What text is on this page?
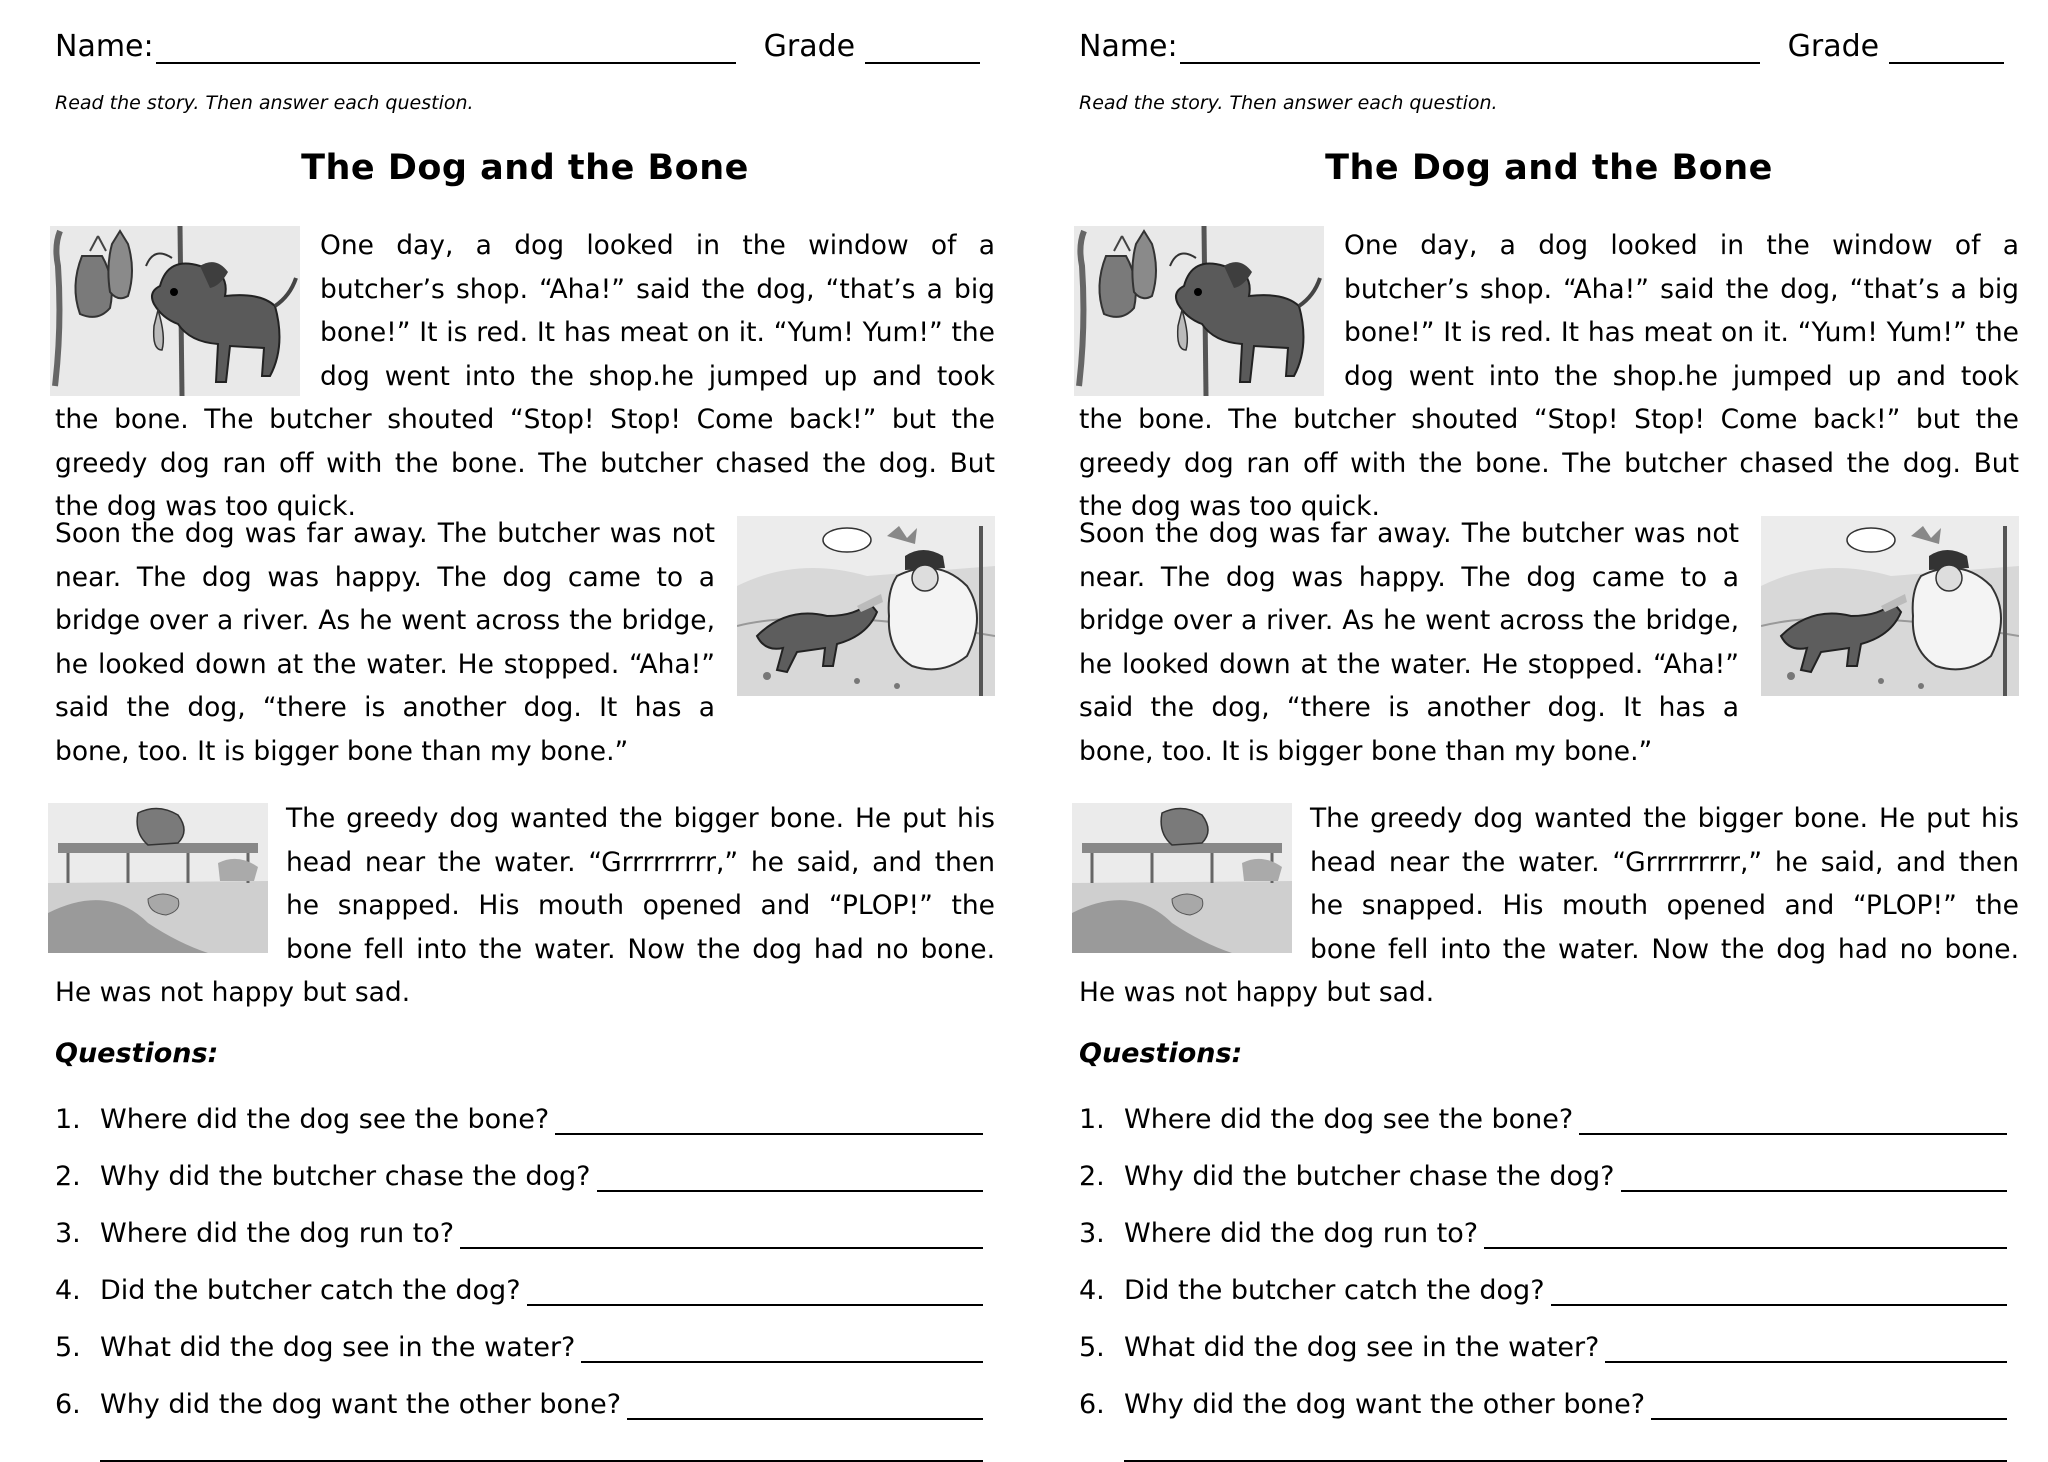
Name:	Grade
Read the story. Then answer each question.
The Dog and the Bone
One day, a dog looked in the window of a butcher’s shop. “Aha!” said the dog, “that’s a big bone!” It is red. It has meat on it. “Yum! Yum!” the dog went into the shop.he jumped up and took the bone. The butcher shouted “Stop! Stop! Come back!” but the greedy dog ran off with the bone. The butcher chased the dog. But the dog was too quick.
Soon the dog was far away. The butcher was not near. The dog was happy. The dog came to a bridge over a river. As he went across the bridge, he looked down at the water. He stopped. “Aha!” said the dog, “there is another dog. It has a bone, too. It is bigger bone than my bone.”
The greedy dog wanted the bigger bone. He put his head near the water. “Grrrrrrrrr,” he said, and then he snapped. His mouth opened and “PLOP!” the bone fell into the water. Now the dog had no bone. He was not happy but sad.
Questions:
1. Where did the dog see the bone?
2. Why did the butcher chase the dog?
3. Where did the dog run to?
4. Did the butcher catch the dog?
5. What did the dog see in the water?
6. Why did the dog want the other bone?
Name:	Grade
Read the story. Then answer each question.
The Dog and the Bone
One day, a dog looked in the window of a butcher’s shop. “Aha!” said the dog, “that’s a big bone!” It is red. It has meat on it. “Yum! Yum!” the dog went into the shop.he jumped up and took the bone. The butcher shouted “Stop! Stop! Come back!” but the greedy dog ran off with the bone. The butcher chased the dog. But the dog was too quick.
Soon the dog was far away. The butcher was not near. The dog was happy. The dog came to a bridge over a river. As he went across the bridge, he looked down at the water. He stopped. “Aha!” said the dog, “there is another dog. It has a bone, too. It is bigger bone than my bone.”
The greedy dog wanted the bigger bone. He put his head near the water. “Grrrrrrrrr,” he said, and then he snapped. His mouth opened and “PLOP!” the bone fell into the water. Now the dog had no bone. He was not happy but sad.
Questions:
1. Where did the dog see the bone?
2. Why did the butcher chase the dog?
3. Where did the dog run to?
4. Did the butcher catch the dog?
5. What did the dog see in the water?
6. Why did the dog want the other bone?
